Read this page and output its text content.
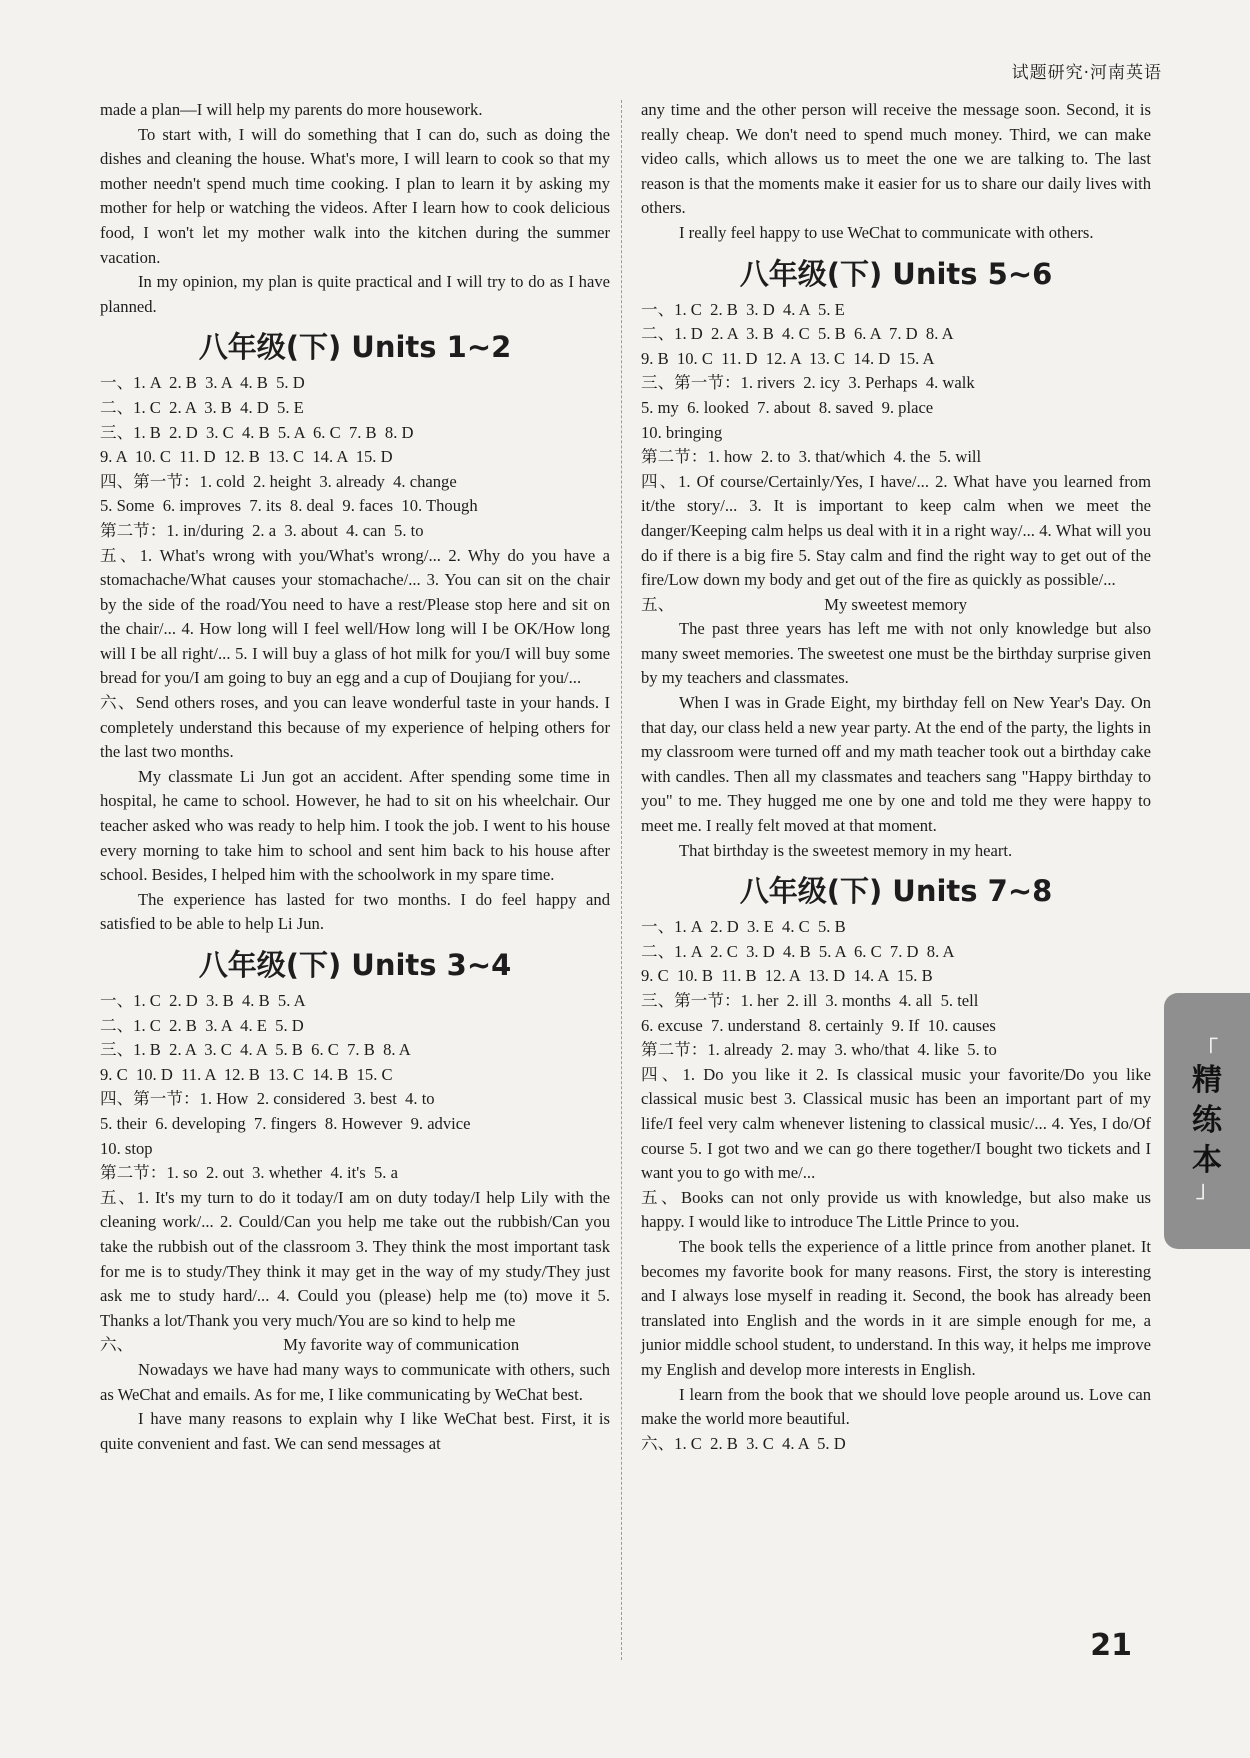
试题研究·河南英语

made a plan—I will help my parents do more housework.

To start with, I will do something that I can do, such as doing the dishes and cleaning the house. What's more, I will learn to cook so that my mother needn't spend much time cooking. I plan to learn it by asking my mother for help or watching the videos. After I learn how to cook delicious food, I won't let my mother walk into the kitchen during the summer vacation.

In my opinion, my plan is quite practical and I will try to do as I have planned.

八年级(下) Units 1~2

一、1. A  2. B  3. A  4. B  5. D

二、1. C  2. A  3. B  4. D  5. E

三、1. B  2. D  3. C  4. B  5. A  6. C  7. B  8. D

9. A  10. C  11. D  12. B  13. C  14. A  15. D

四、第一节：1. cold  2. height  3. already  4. change

5. Some  6. improves  7. its  8. deal  9. faces  10. Though

第二节：1. in/during  2. a  3. about  4. can  5. to

五、1. What's wrong with you/What's wrong/... 2. Why do you have a stomachache/What causes your stomachache/... 3. You can sit on the chair by the side of the road/You need to have a rest/Please stop here and sit on the chair/... 4. How long will I feel well/How long will I be OK/How long will I be all right/... 5. I will buy a glass of hot milk for you/I will buy some bread for you/I am going to buy an egg and a cup of Doujiang for you/...

六、Send others roses, and you can leave wonderful taste in your hands. I completely understand this because of my experience of helping others for the last two months.

My classmate Li Jun got an accident. After spending some time in hospital, he came to school. However, he had to sit on his wheelchair. Our teacher asked who was ready to help him. I took the job. I went to his house every morning to take him to school and sent him back to his house after school. Besides, I helped him with the schoolwork in my spare time.

The experience has lasted for two months. I do feel happy and satisfied to be able to help Li Jun.

八年级(下) Units 3~4

一、1. C  2. D  3. B  4. B  5. A

二、1. C  2. B  3. A  4. E  5. D

三、1. B  2. A  3. C  4. A  5. B  6. C  7. B  8. A

9. C  10. D  11. A  12. B  13. C  14. B  15. C

四、第一节：1. How  2. considered  3. best  4. to

5. their  6. developing  7. fingers  8. However  9. advice

10. stop

第二节：1. so  2. out  3. whether  4. it's  5. a

五、1. It's my turn to do it today/I am on duty today/I help Lily with the cleaning work/... 2. Could/Can you help me take out the rubbish/Can you take the rubbish out of the classroom 3. They think the most important task for me is to study/They think it may get in the way of my study/They just ask me to study hard/... 4. Could you (please) help me (to) move it 5. Thanks a lot/Thank you very much/You are so kind to help me

六、	My favorite way of communication

Nowadays we have had many ways to communicate with others, such as WeChat and emails. As for me, I like communicating by WeChat best.

I have many reasons to explain why I like WeChat best. First, it is quite convenient and fast. We can send messages at

any time and the other person will receive the message soon. Second, it is really cheap. We don't need to spend much money. Third, we can make video calls, which allows us to meet the one we are talking to. The last reason is that the moments make it easier for us to share our daily lives with others.

I really feel happy to use WeChat to communicate with others.

八年级(下) Units 5~6

一、1. C  2. B  3. D  4. A  5. E

二、1. D  2. A  3. B  4. C  5. B  6. A  7. D  8. A

9. B  10. C  11. D  12. A  13. C  14. D  15. A

三、第一节：1. rivers  2. icy  3. Perhaps  4. walk

5. my  6. looked  7. about  8. saved  9. place

10. bringing

第二节：1. how  2. to  3. that/which  4. the  5. will

四、1. Of course/Certainly/Yes, I have/... 2. What have you learned from it/the story/... 3. It is important to keep calm when we meet the danger/Keeping calm helps us deal with it in a right way/... 4. What will you do if there is a big fire 5. Stay calm and find the right way to get out of the fire/Low down my body and get out of the fire as quickly as possible/...

五、	My sweetest memory

The past three years has left me with not only knowledge but also many sweet memories. The sweetest one must be the birthday surprise given by my teachers and classmates.

When I was in Grade Eight, my birthday fell on New Year's Day. On that day, our class held a new year party. At the end of the party, the lights in my classroom were turned off and my math teacher took out a birthday cake with candles. Then all my classmates and teachers sang "Happy birthday to you" to me. They hugged me one by one and told me they were happy to meet me. I really felt moved at that moment.

That birthday is the sweetest memory in my heart.

八年级(下) Units 7~8

一、1. A  2. D  3. E  4. C  5. B

二、1. A  2. C  3. D  4. B  5. A  6. C  7. D  8. A

9. C  10. B  11. B  12. A  13. D  14. A  15. B

三、第一节：1. her  2. ill  3. months  4. all  5. tell

6. excuse  7. understand  8. certainly  9. If  10. causes

第二节：1. already  2. may  3. who/that  4. like  5. to

四、1. Do you like it 2. Is classical music your favorite/Do you like classical music best 3. Classical music has been an important part of my life/I feel very calm whenever listening to classical music/... 4. Yes, I do/Of course 5. I got two and we can go there together/I bought two tickets and I want you to go with me/...

五、Books can not only provide us with knowledge, but also make us happy. I would like to introduce The Little Prince to you.

The book tells the experience of a little prince from another planet. It becomes my favorite book for many reasons. First, the story is interesting and I always lose myself in reading it. Second, the book has already been translated into English and the words in it are simple enough for me, a junior middle school student, to understand. In this way, it helps me improve my English and develop more interests in English.

I learn from the book that we should love people around us. Love can make the world more beautiful.

六、1. C  2. B  3. C  4. A  5. D

「
精练本
」
21
